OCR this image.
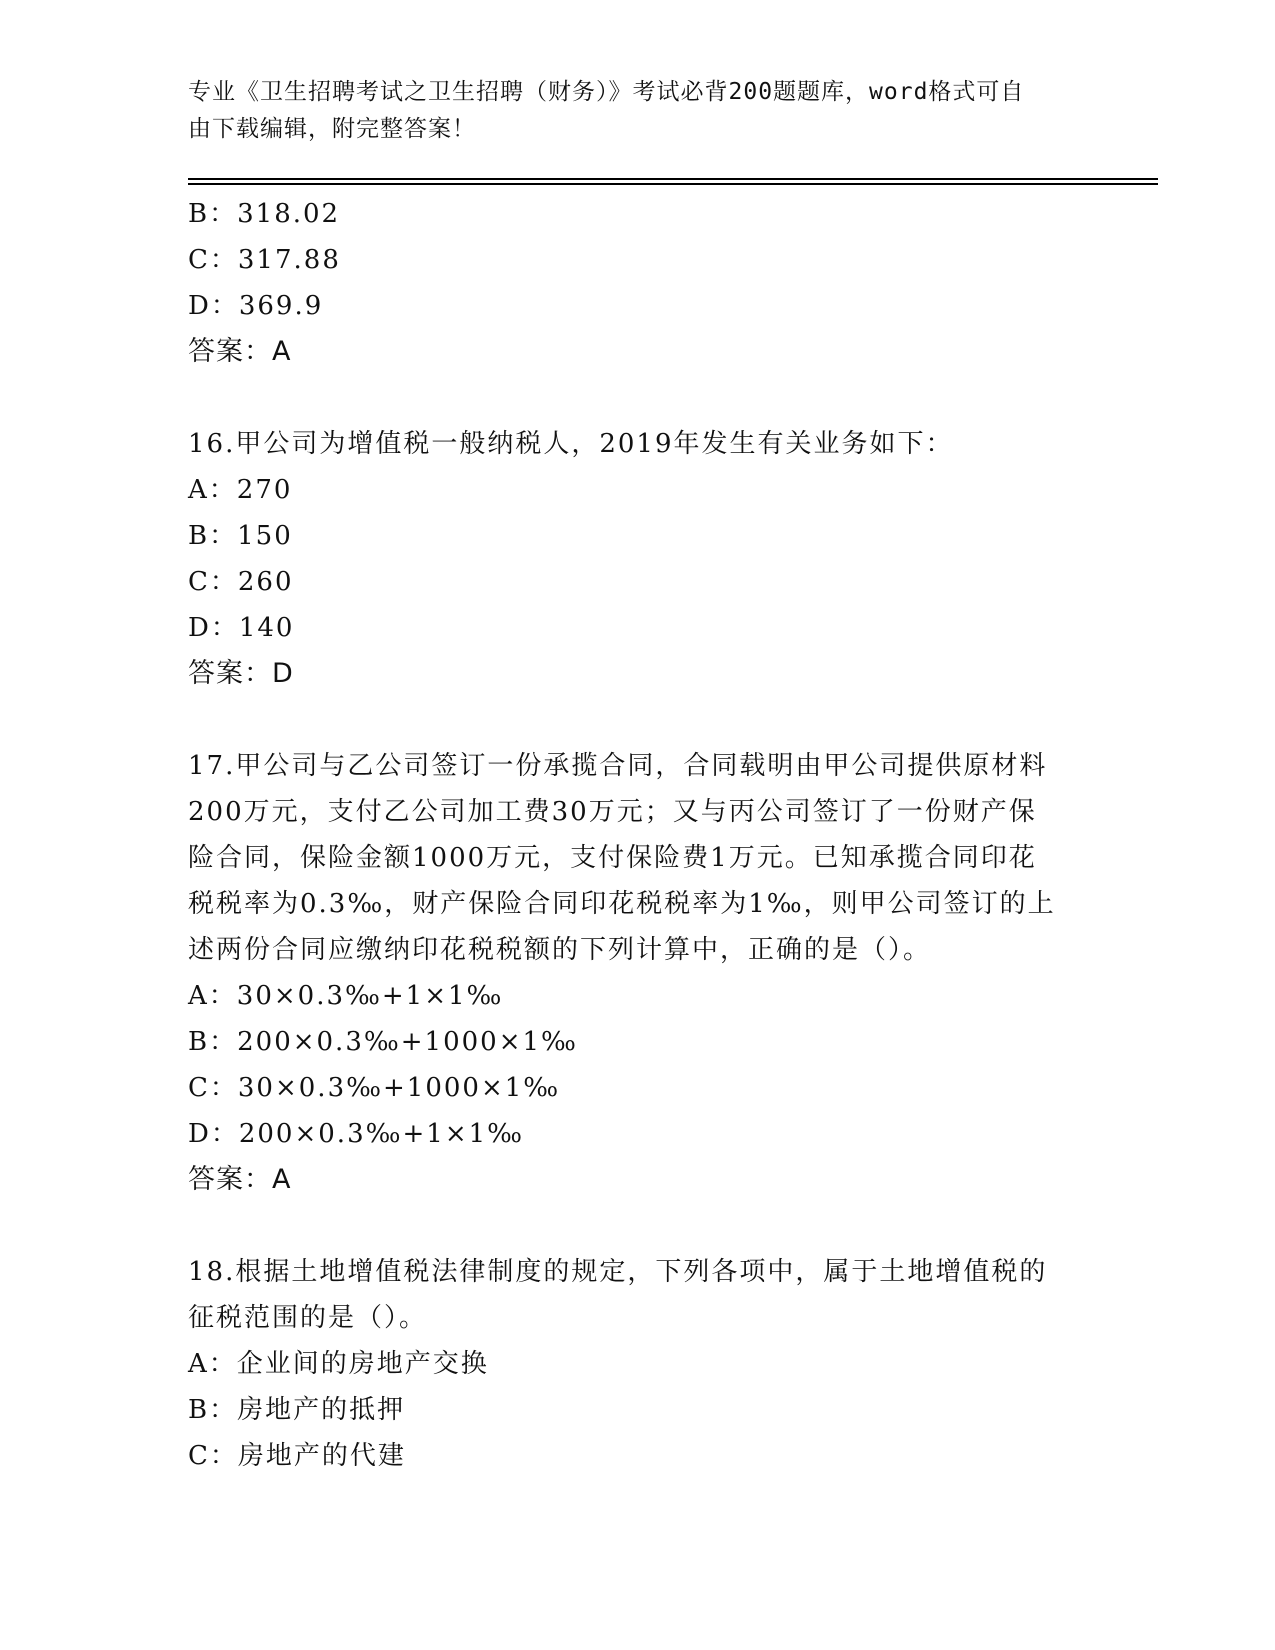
专业《卫生招聘考试之卫生招聘（财务）》考试必背200题题库，word格式可自
由下载编辑，附完整答案！
B：318.02
C：317.88
D：369.9
答案：A
16.甲公司为增值税一般纳税人，2019年发生有关业务如下：
A：270
B：150
C：260
D：140
答案：D
17.甲公司与乙公司签订一份承揽合同，合同载明由甲公司提供原材料
200万元，支付乙公司加工费30万元；又与丙公司签订了一份财产保
险合同，保险金额1000万元，支付保险费1万元。已知承揽合同印花
税税率为0.3‰，财产保险合同印花税税率为1‰，则甲公司签订的上
述两份合同应缴纳印花税税额的下列计算中，正确的是（）。
A：30×0.3‰+1×1‰
B：200×0.3‰+1000×1‰
C：30×0.3‰+1000×1‰
D：200×0.3‰+1×1‰
答案：A
18.根据土地增值税法律制度的规定，下列各项中，属于土地增值税的
征税范围的是（）。
A：企业间的房地产交换
B：房地产的抵押
C：房地产的代建
